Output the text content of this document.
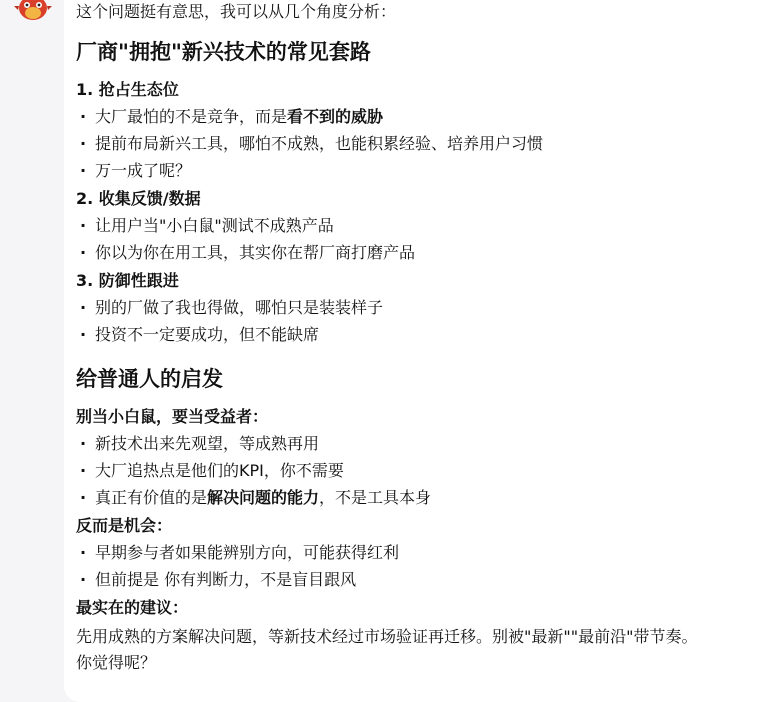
这个问题挺有意思，我可以从几个角度分析：

厂商"拥抱"新兴技术的常见套路
1. 抢占生态位
· 大厂最怕的不是竞争，而是看不到的威胁
· 提前布局新兴工具，哪怕不成熟，也能积累经验、培养用户习惯
· 万一成了呢？
2. 收集反馈/数据
· 让用户当"小白鼠"测试不成熟产品
· 你以为你在用工具，其实你在帮厂商打磨产品
3. 防御性跟进
· 别的厂做了我也得做，哪怕只是装装样子
· 投资不一定要成功，但不能缺席
给普通人的启发
别当小白鼠，要当受益者：
· 新技术出来先观望，等成熟再用
· 大厂追热点是他们的KPI，你不需要
· 真正有价值的是解决问题的能力，不是工具本身
反而是机会：
· 早期参与者如果能辨别方向，可能获得红利
· 但前提是 你有判断力，不是盲目跟风
最实在的建议：

先用成熟的方案解决问题，等新技术经过市场验证再迁移。别被"最新""最前沿"带节奏。

你觉得呢？
